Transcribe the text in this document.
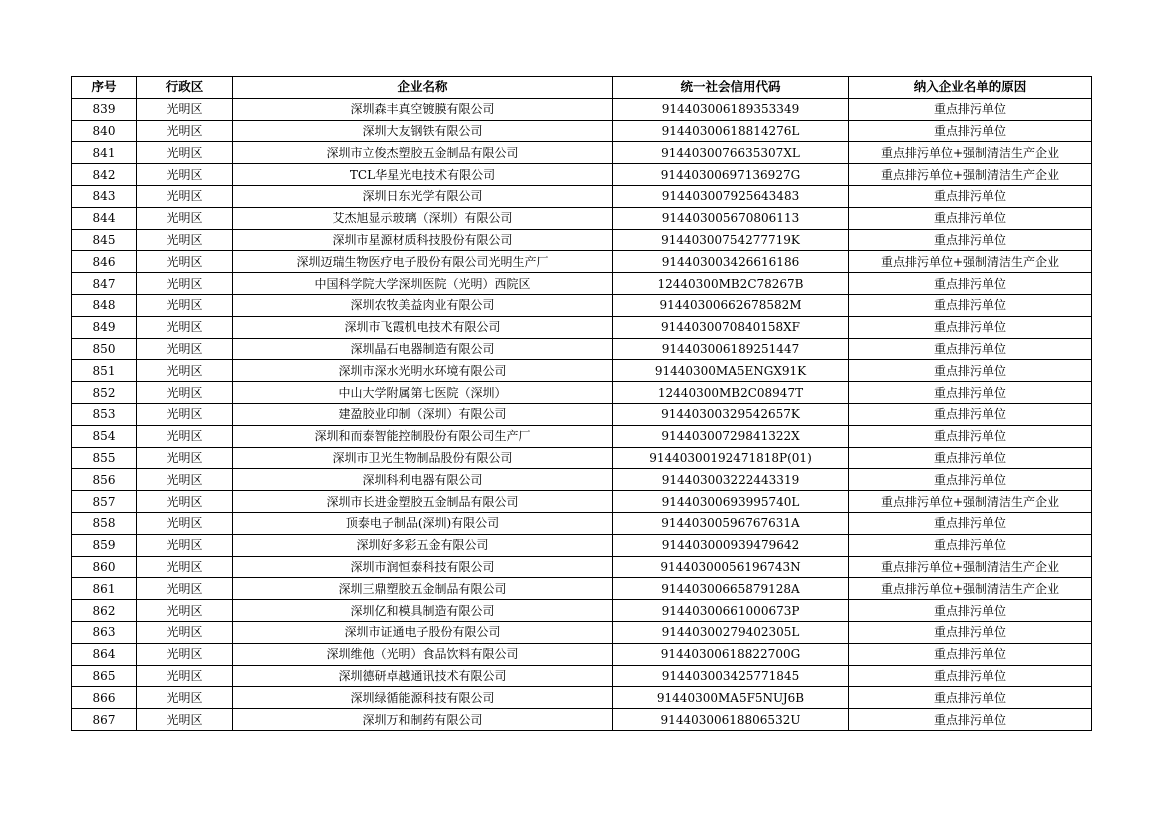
序号	行政区	企业名称	统一社会信用代码	纳入企业名单的原因
839	光明区	深圳森丰真空镀膜有限公司	914403006189353349	重点排污单位
840	光明区	深圳大友钢铁有限公司	91440300618814276L	重点排污单位
841	光明区	深圳市立俊杰塑胶五金制品有限公司	9144030076635307XL	重点排污单位+强制清洁生产企业
842	光明区	TCL华星光电技术有限公司	91440300697136927G	重点排污单位+强制清洁生产企业
843	光明区	深圳日东光学有限公司	914403007925643483	重点排污单位
844	光明区	艾杰旭显示玻璃（深圳）有限公司	914403005670806113	重点排污单位
845	光明区	深圳市星源材质科技股份有限公司	91440300754277719K	重点排污单位
846	光明区	深圳迈瑞生物医疗电子股份有限公司光明生产厂	914403003426616186	重点排污单位+强制清洁生产企业
847	光明区	中国科学院大学深圳医院（光明）西院区	12440300MB2C78267B	重点排污单位
848	光明区	深圳农牧美益肉业有限公司	91440300662678582M	重点排污单位
849	光明区	深圳市飞霞机电技术有限公司	9144030070840158XF	重点排污单位
850	光明区	深圳晶石电器制造有限公司	914403006189251447	重点排污单位
851	光明区	深圳市深水光明水环境有限公司	91440300MA5ENGX91K	重点排污单位
852	光明区	中山大学附属第七医院（深圳）	12440300MB2C08947T	重点排污单位
853	光明区	建盈胶业印制（深圳）有限公司	91440300329542657K	重点排污单位
854	光明区	深圳和而泰智能控制股份有限公司生产厂	91440300729841322X	重点排污单位
855	光明区	深圳市卫光生物制品股份有限公司	91440300192471818P(01)	重点排污单位
856	光明区	深圳科利电器有限公司	914403003222443319	重点排污单位
857	光明区	深圳市长进金塑胶五金制品有限公司	91440300693995740L	重点排污单位+强制清洁生产企业
858	光明区	顶泰电子制品(深圳)有限公司	91440300596767631A	重点排污单位
859	光明区	深圳好多彩五金有限公司	914403000939479642	重点排污单位
860	光明区	深圳市润恒泰科技有限公司	91440300056196743N	重点排污单位+强制清洁生产企业
861	光明区	深圳三鼎塑胶五金制品有限公司	91440300665879128A	重点排污单位+强制清洁生产企业
862	光明区	深圳亿和模具制造有限公司	91440300661000673P	重点排污单位
863	光明区	深圳市证通电子股份有限公司	91440300279402305L	重点排污单位
864	光明区	深圳维他（光明）食品饮料有限公司	91440300618822700G	重点排污单位
865	光明区	深圳德研卓越通讯技术有限公司	914403003425771845	重点排污单位
866	光明区	深圳绿循能源科技有限公司	91440300MA5F5NUJ6B	重点排污单位
867	光明区	深圳万和制药有限公司	91440300618806532U	重点排污单位
